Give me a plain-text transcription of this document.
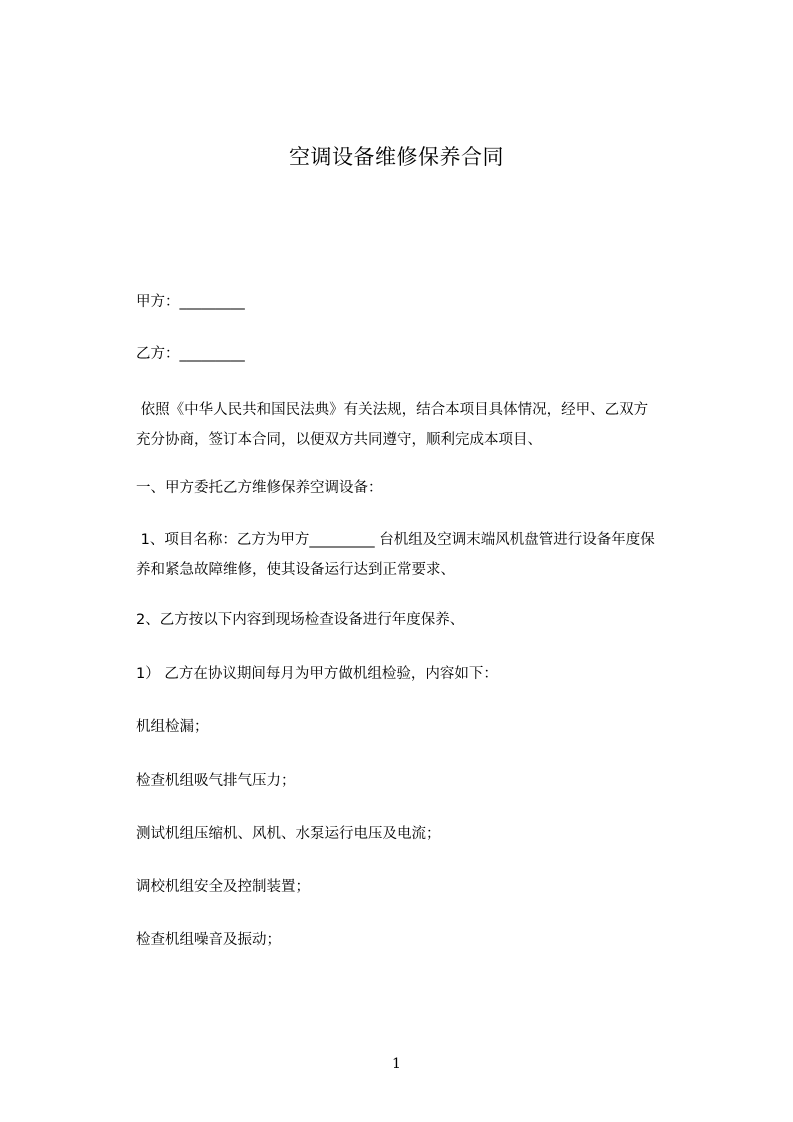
空调设备维修保养合同
甲方：_________
乙方：_________
依照《中华人民共和国民法典》有关法规，结合本项目具体情况，经甲、乙双方充分协商，签订本合同，以便双方共同遵守，顺利完成本项目、
一、甲方委托乙方维修保养空调设备：
1、项目名称：乙方为甲方_________ 台机组及空调末端风机盘管进行设备年度保养和紧急故障维修，使其设备运行达到正常要求、
2、乙方按以下内容到现场检查设备进行年度保养、
1） 乙方在协议期间每月为甲方做机组检验，内容如下：
机组检漏；
检查机组吸气排气压力；
测试机组压缩机、风机、水泵运行电压及电流；
调校机组安全及控制装置；
检查机组噪音及振动；
1
